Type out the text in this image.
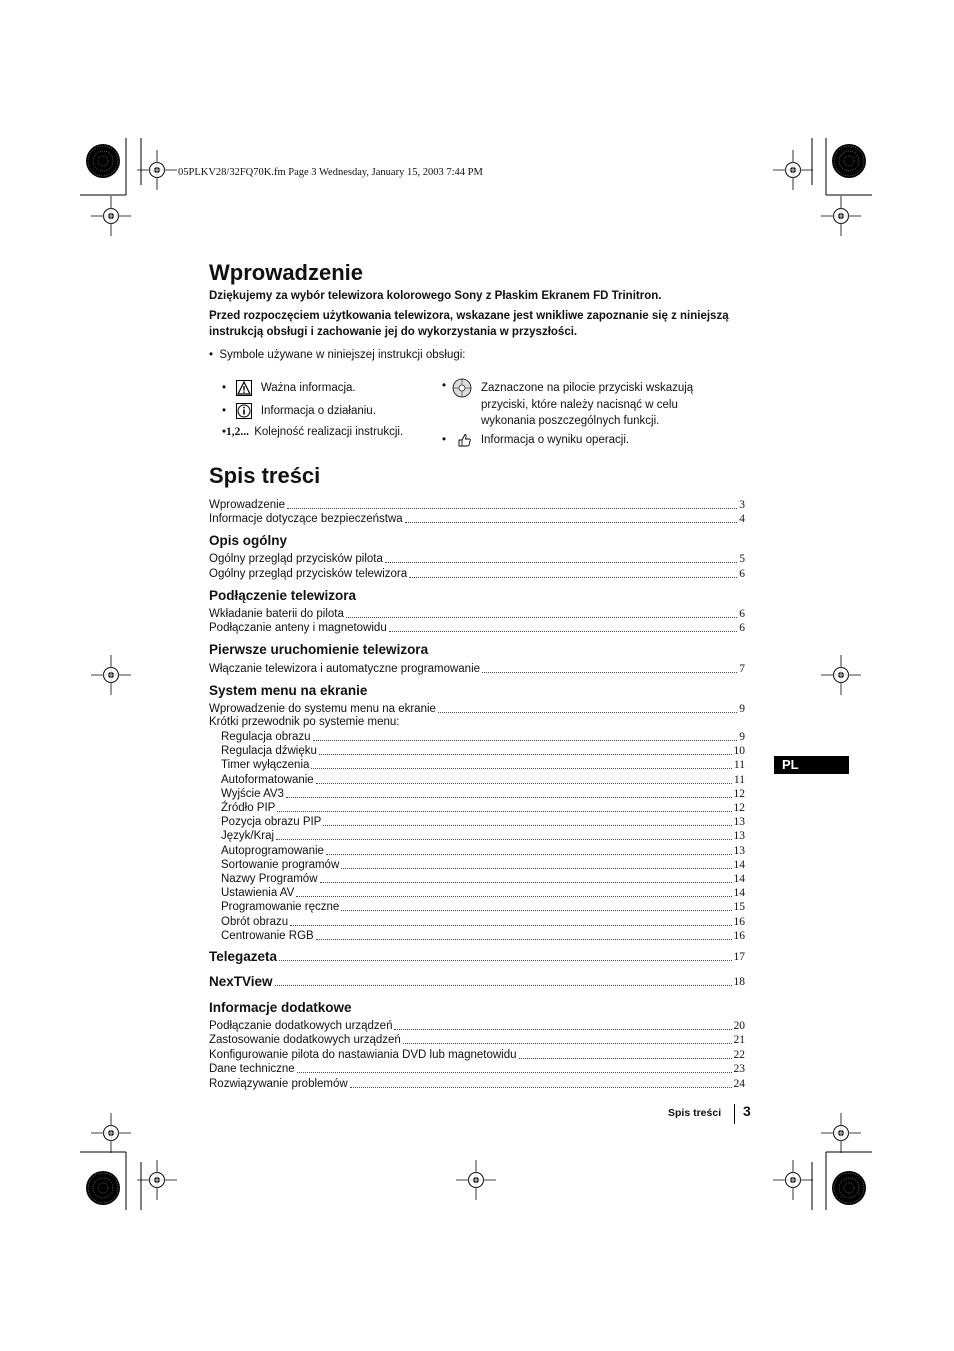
05PLKV28/32FQ70K.fm Page 3 Wednesday, January 15, 2003 7:44 PM
Wprowadzenie
Dziękujemy za wybór telewizora kolorowego Sony z Płaskim Ekranem FD Trinitron.
Przed rozpoczęciem użytkowania telewizora, wskazane jest wnikliwe zapoznanie się z niniejszą instrukcją obsługi i zachowanie jej do wykorzystania w przyszłości.
•  Symbole używane w niniejszej instrukcji obsługi:
•    Ważna informacja.
•    Informacja o działaniu.
•1,2... Kolejność realizacji instrukcji.
•	Zaznaczone na pilocie przyciski wskazują przyciski, które należy nacisnąć w celu wykonania poszczególnych funkcji.
•    Informacja o wyniku operacji.
Spis treści
Wprowadzenie	3
Informacje dotyczące bezpieczeństwa	4
Opis ogólny
Ogólny przegląd przycisków pilota	5
Ogólny przegląd przycisków telewizora	6
Podłączenie telewizora
Wkładanie baterii do pilota	6
Podłączanie anteny i magnetowidu	6
Pierwsze uruchomienie telewizora
Włączanie telewizora i automatyczne programowanie	7
System menu na ekranie
Wprowadzenie do systemu menu na ekranie	9
Krótki przewodnik po systemie menu:
Regulacja obrazu	9
Regulacja dźwięku	10
Timer wyłączenia	11
Autoformatowanie	11
Wyjście AV3	12
Źródło PIP	12
Pozycja obrazu PIP	13
Język/Kraj	13
Autoprogramowanie	13
Sortowanie programów	14
Nazwy Programów	14
Ustawienia AV	14
Programowanie ręczne	15
Obrót obrazu	16
Centrowanie RGB	16
Telegazeta	17
NexTView	18
Informacje dodatkowe
Podłączanie dodatkowych urządzeń	20
Zastosowanie dodatkowych urządzeń	21
Konfigurowanie pilota do nastawiania DVD lub magnetowidu	22
Dane techniczne	23
Rozwiązywanie problemów	24
PL
Spis treści 3
